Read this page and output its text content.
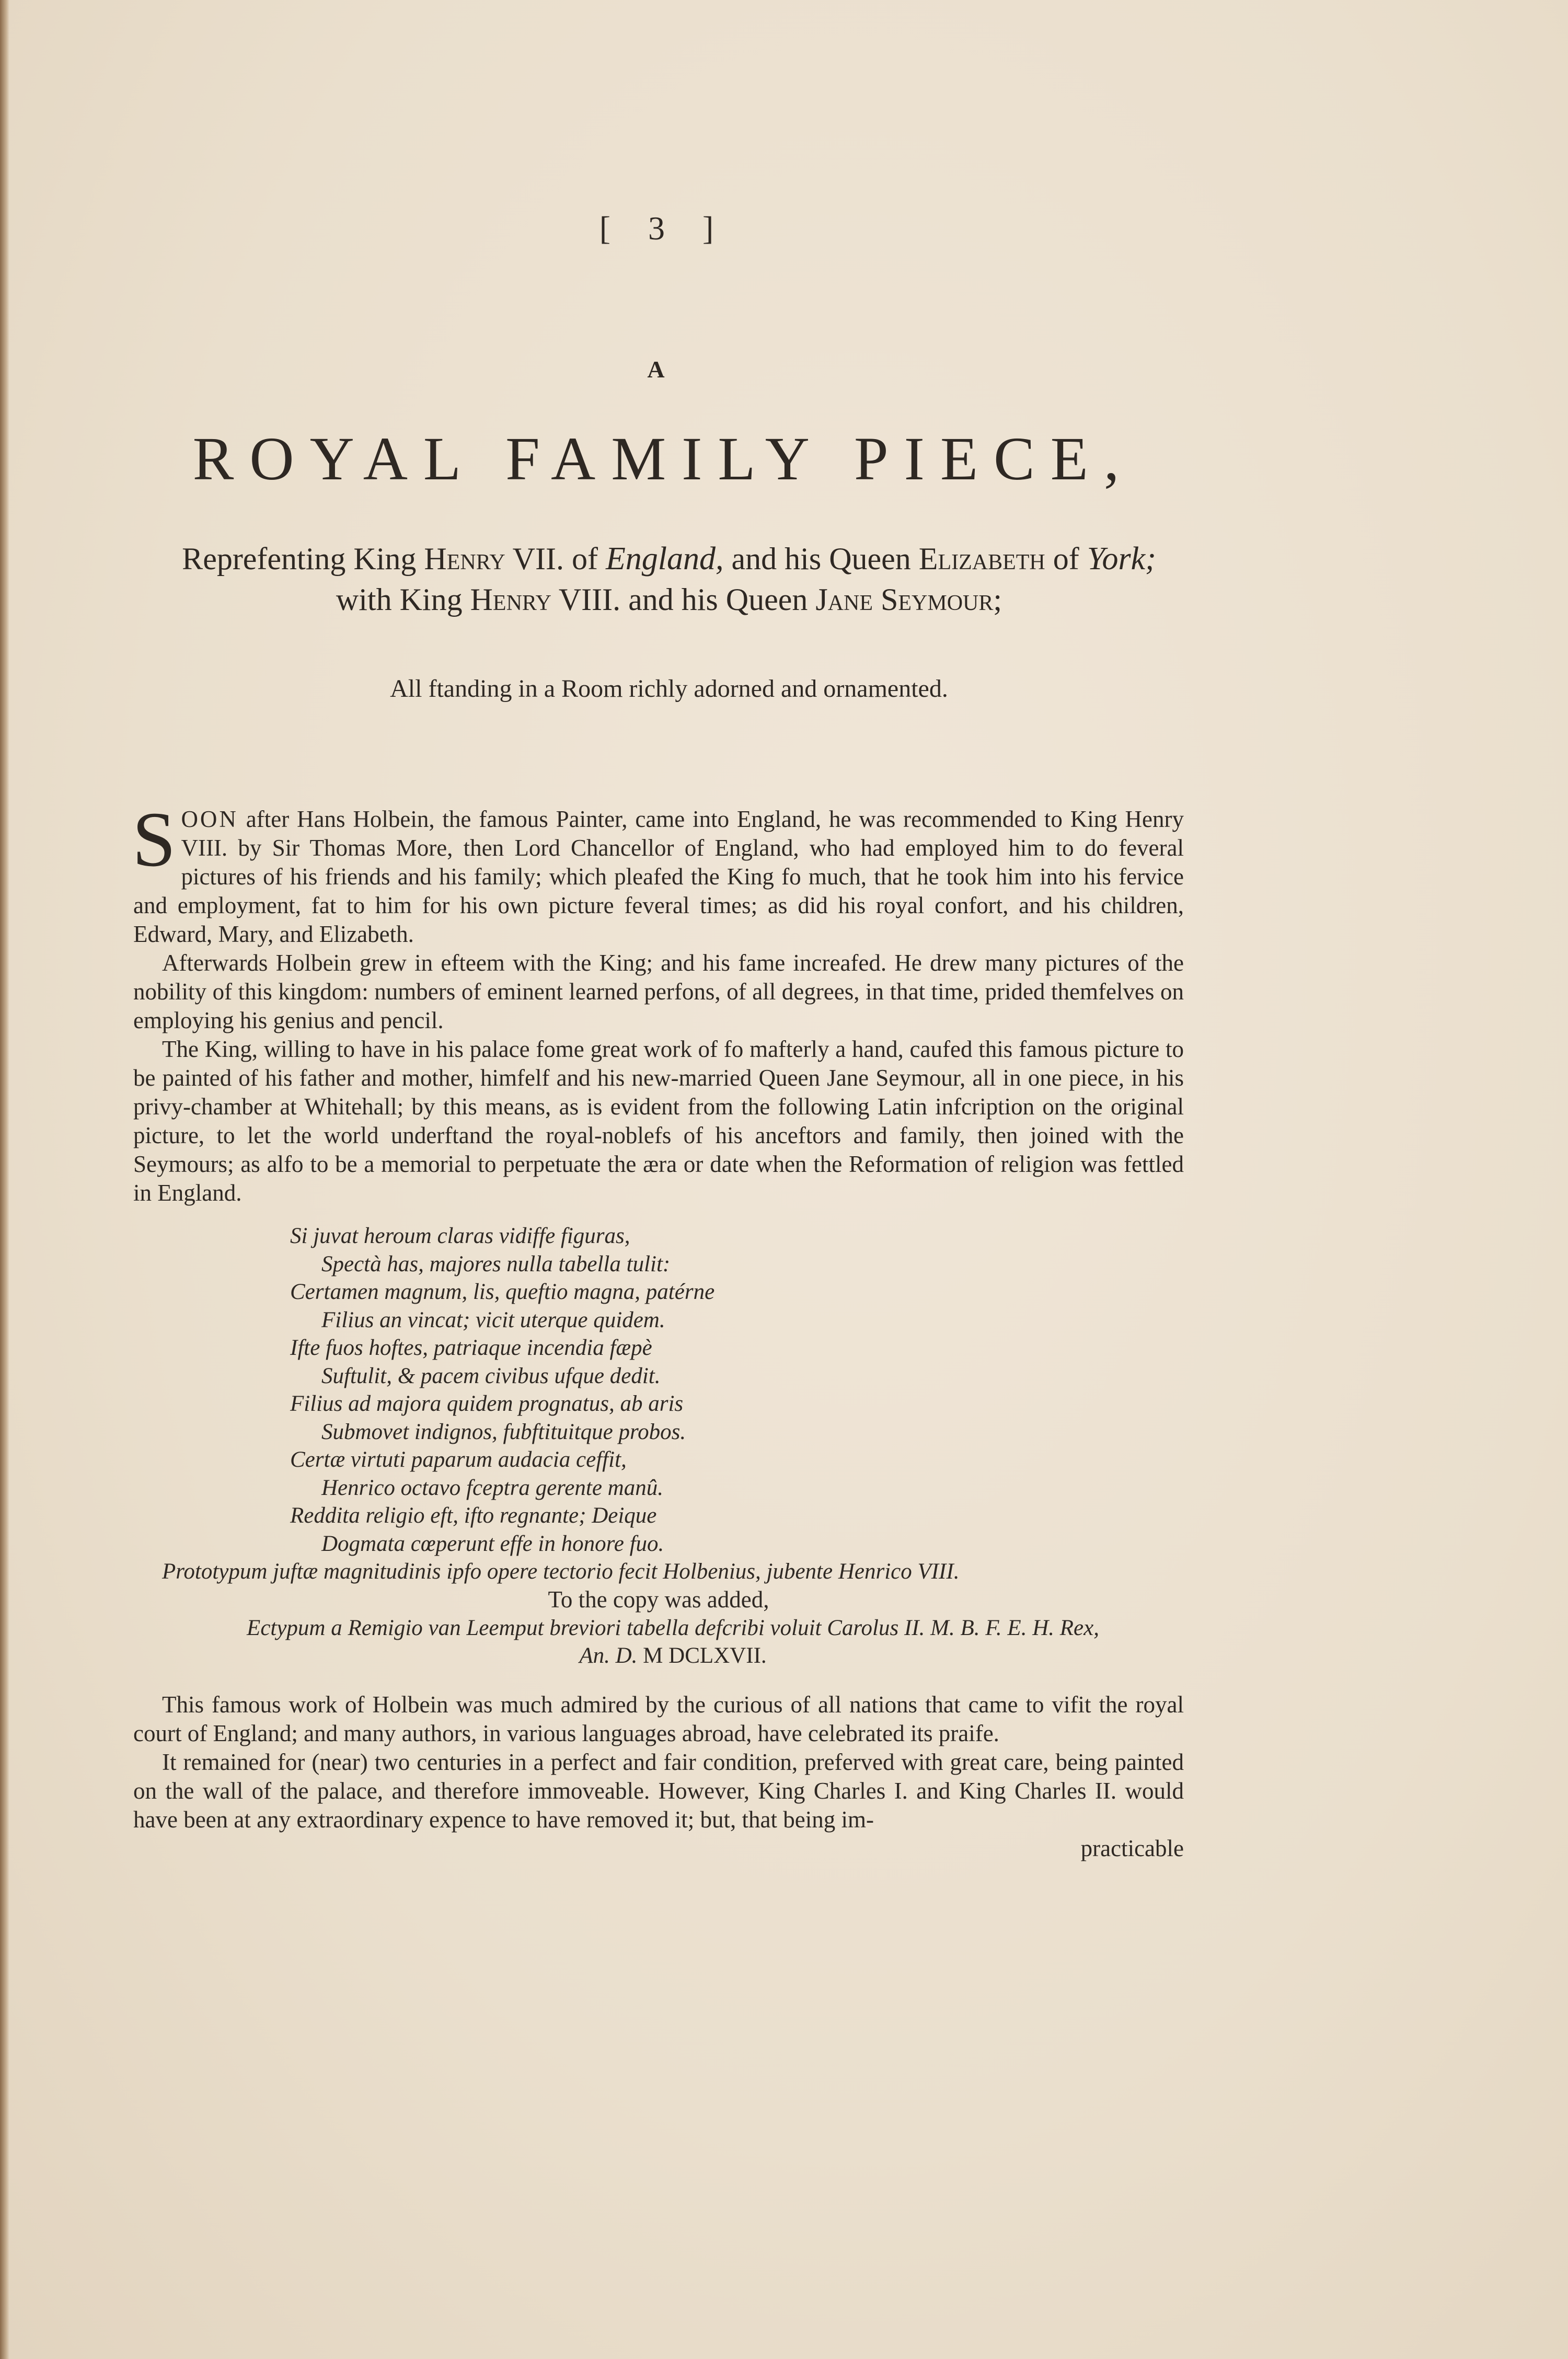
[ 3 ]
A
ROYAL FAMILY PIECE,

Reprefenting King Henry VII. of England, and his Queen Elizabeth of York;
with King Henry VIII. and his Queen Jane Seymour;

All ftanding in a Room richly adorned and ornamented.

SOON after Hans Holbein, the famous Painter, came into England, he was recommended to King Henry VIII. by Sir Thomas More, then Lord Chancellor of England, who had employed him to do feveral pictures of his friends and his family; which pleafed the King fo much, that he took him into his fervice and employment, fat to him for his own picture feveral times; as did his royal confort, and his children, Edward, Mary, and Elizabeth.

Afterwards Holbein grew in efteem with the King; and his fame increafed. He drew many pictures of the nobility of this kingdom: numbers of eminent learned perfons, of all degrees, in that time, prided themfelves on employing his genius and pencil.

The King, willing to have in his palace fome great work of fo mafterly a hand, caufed this famous picture to be painted of his father and mother, himfelf and his new-married Queen Jane Seymour, all in one piece, in his privy-chamber at Whitehall; by this means, as is evident from the following Latin infcription on the original picture, to let the world underftand the royal-noblefs of his anceftors and family, then joined with the Seymours; as alfo to be a memorial to perpetuate the æra or date when the Reformation of religion was fettled in England.

Si juvat heroum claras vidiffe figuras,
Spectà has, majores nulla tabella tulit:
Certamen magnum, lis, queftio magna, patérne
Filius an vincat; vicit uterque quidem.
Ifte fuos hoftes, patriaque incendia fæpè
Suftulit, & pacem civibus ufque dedit.
Filius ad majora quidem prognatus, ab aris
Submovet indignos, fubftituitque probos.
Certæ virtuti paparum audacia ceffit,
Henrico octavo fceptra gerente manû.
Reddita religio eft, ifto regnante; Deique
Dogmata cœperunt effe in honore fuo.

Prototypum juftæ magnitudinis ipfo opere tectorio fecit Holbenius, jubente Henrico VIII.

To the copy was added,

Ectypum a Remigio van Leemput breviori tabella defcribi voluit Carolus II. M. B. F. E. H. Rex,

An. D. M DCLXVII.

This famous work of Holbein was much admired by the curious of all nations that came to vifit the royal court of England; and many authors, in various languages abroad, have celebrated its praife.

It remained for (near) two centuries in a perfect and fair condition, preferved with great care, being painted on the wall of the palace, and therefore immoveable. However, King Charles I. and King Charles II. would have been at any extraordinary expence to have removed it; but, that being im-

practicable
